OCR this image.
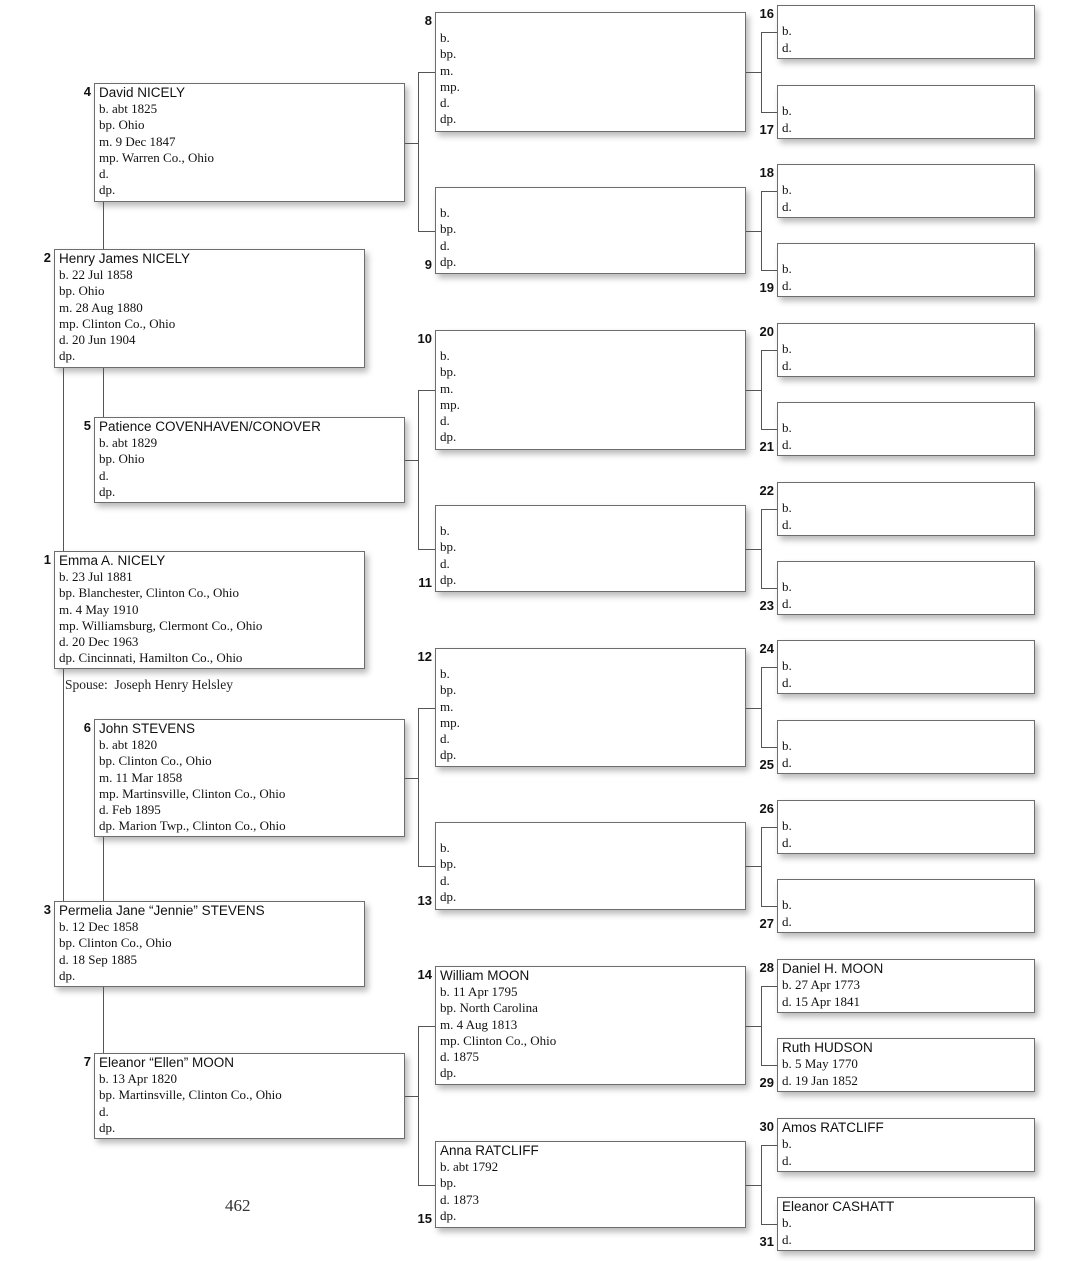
Emma A. NICELY
b. 23 Jul 1881
bp. Blanchester, Clinton Co., Ohio
m. 4 May 1910
mp. Williamsburg, Clermont Co., Ohio
d. 20 Dec 1963
dp. Cincinnati, Hamilton Co., Ohio
1
Henry James NICELY
b. 22 Jul 1858
bp. Ohio
m. 28 Aug 1880
mp. Clinton Co., Ohio
d. 20 Jun 1904
dp.
2
Permelia Jane “Jennie” STEVENS
b. 12 Dec 1858
bp. Clinton Co., Ohio
d. 18 Sep 1885
dp.
3
David NICELY
b. abt 1825
bp. Ohio
m. 9 Dec 1847
mp. Warren Co., Ohio
d.
dp.
4
Patience COVENHAVEN/CONOVER
b. abt 1829
bp. Ohio
d.
dp.
5
John STEVENS
b. abt 1820
bp. Clinton Co., Ohio
m. 11 Mar 1858
mp. Martinsville, Clinton Co., Ohio
d. Feb 1895
dp. Marion Twp., Clinton Co., Ohio
6
Eleanor “Ellen” MOON
b. 13 Apr 1820
bp. Martinsville, Clinton Co., Ohio
d.
dp.
7
b.
bp.
m.
mp.
d.
dp.
8
b.
bp.
d.
dp.
9
b.
bp.
m.
mp.
d.
dp.
10
b.
bp.
d.
dp.
11
b.
bp.
m.
mp.
d.
dp.
12
b.
bp.
d.
dp.
13
William MOON
b. 11 Apr 1795
bp. North Carolina
m. 4 Aug 1813
mp. Clinton Co., Ohio
d. 1875
dp.
14
Anna RATCLIFF
b. abt 1792
bp.
d. 1873
dp.
15
b.
d.
16
b.
d.
17
b.
d.
18
b.
d.
19
b.
d.
20
b.
d.
21
b.
d.
22
b.
d.
23
b.
d.
24
b.
d.
25
b.
d.
26
b.
d.
27
Daniel H. MOON
b. 27 Apr 1773
d. 15 Apr 1841
28
Ruth HUDSON
b. 5 May 1770
d. 19 Jan 1852
29
Amos RATCLIFF
b.
d.
30
Eleanor CASHATT
b.
d.
31
Spouse: Joseph Henry Helsley
462
